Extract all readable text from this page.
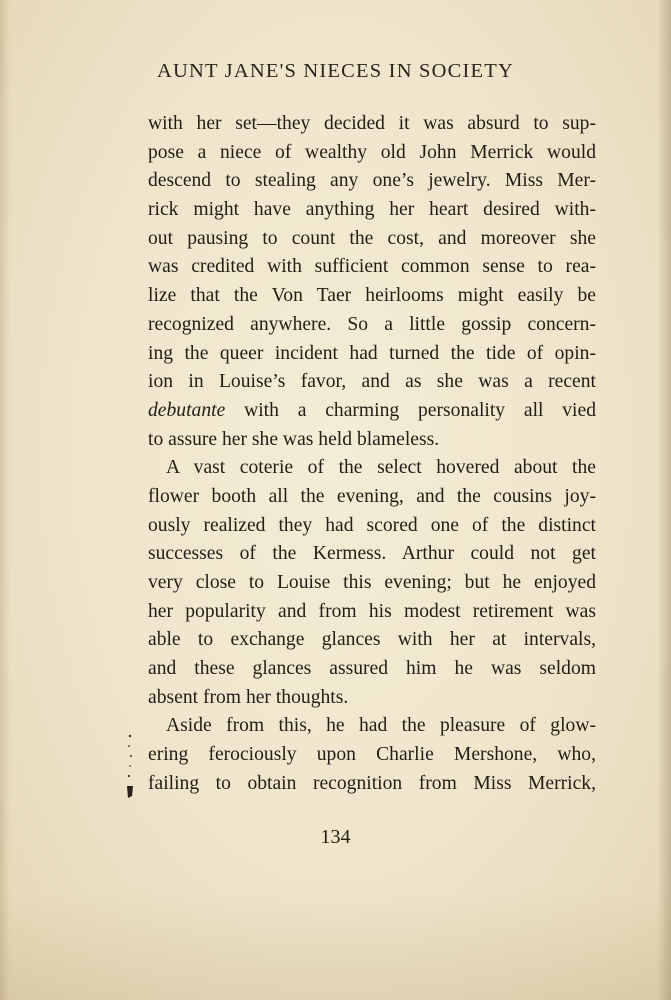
AUNT JANE'S NIECES IN SOCIETY
with her set—they decided it was absurd to sup-
pose a niece of wealthy old John Merrick would
descend to stealing any one’s jewelry. Miss Mer-
rick might have anything her heart desired with-
out pausing to count the cost, and moreover she
was credited with sufficient common sense to rea-
lize that the Von Taer heirlooms might easily be
recognized anywhere. So a little gossip concern-
ing the queer incident had turned the tide of opin-
ion in Louise’s favor, and as she was a recent
debutante with a charming personality all vied
to assure her she was held blameless.
A vast coterie of the select hovered about the
flower booth all the evening, and the cousins joy-
ously realized they had scored one of the distinct
successes of the Kermess. Arthur could not get
very close to Louise this evening; but he enjoyed
her popularity and from his modest retirement was
able to exchange glances with her at intervals,
and these glances assured him he was seldom
absent from her thoughts.
Aside from this, he had the pleasure of glow-
ering ferociously upon Charlie Mershone, who,
failing to obtain recognition from Miss Merrick,
134
